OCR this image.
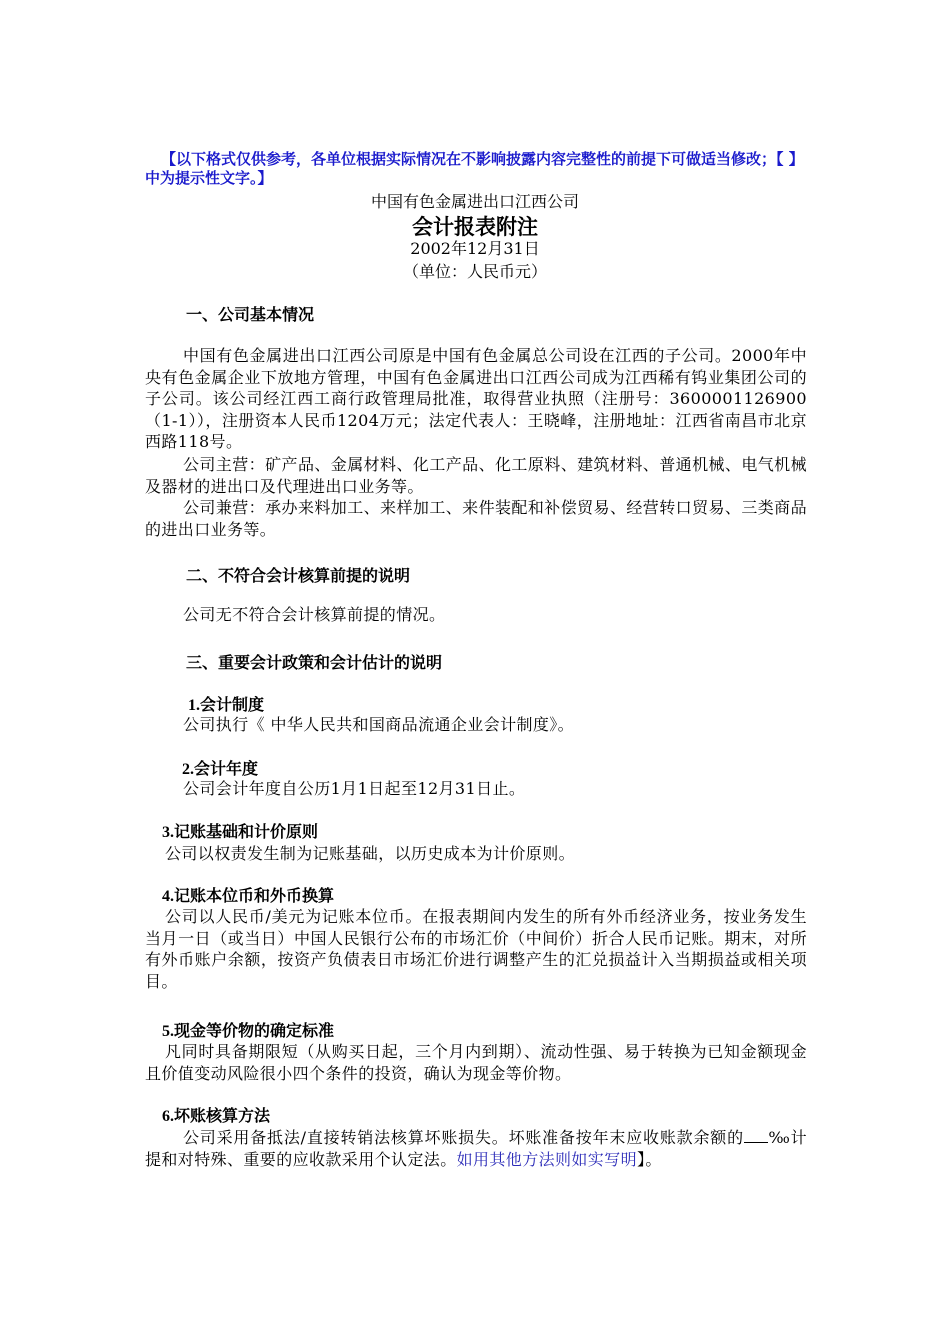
【以下格式仅供参考，各单位根据实际情况在不影响披露内容完整性的前提下可做适当修改；【 】中为提示性文字。】
中国有色金属进出口江西公司
会计报表附注
2002年12月31日
（单位：人民币元）
一、公司基本情况
中国有色金属进出口江西公司原是中国有色金属总公司设在江西的子公司。2000年中央有色金属企业下放地方管理，中国有色金属进出口江西公司成为江西稀有钨业集团公司的子公司。该公司经江西工商行政管理局批准，取得营业执照（注册号：3600001126900（1-1）），注册资本人民币1204万元；法定代表人：王晓峰，注册地址：江西省南昌市北京西路118号。
公司主营：矿产品、金属材料、化工产品、化工原料、建筑材料、普通机械、电气机械及器材的进出口及代理进出口业务等。
公司兼营：承办来料加工、来样加工、来件装配和补偿贸易、经营转口贸易、三类商品的进出口业务等。
二、不符合会计核算前提的说明
公司无不符合会计核算前提的情况。
三、重要会计政策和会计估计的说明
1.会计制度
公司执行《 中华人民共和国商品流通企业会计制度》。
2.会计年度
公司会计年度自公历1月1日起至12月31日止。
3.记账基础和计价原则
公司以权责发生制为记账基础，以历史成本为计价原则。
4.记账本位币和外币换算
公司以人民币/美元为记账本位币。在报表期间内发生的所有外币经济业务，按业务发生当月一日（或当日）中国人民银行公布的市场汇价（中间价）折合人民币记账。期末，对所有外币账户余额，按资产负债表日市场汇价进行调整产生的汇兑损益计入当期损益或相关项目。
5.现金等价物的确定标准
凡同时具备期限短（从购买日起，三个月内到期）、流动性强、易于转换为已知金额现金且价值变动风险很小四个条件的投资，确认为现金等价物。
6.坏账核算方法
公司采用备抵法/直接转销法核算坏账损失。坏账准备按年末应收账款余额的 ‰计提和对特殊、重要的应收款采用个认定法。如用其他方法则如实写明】。
